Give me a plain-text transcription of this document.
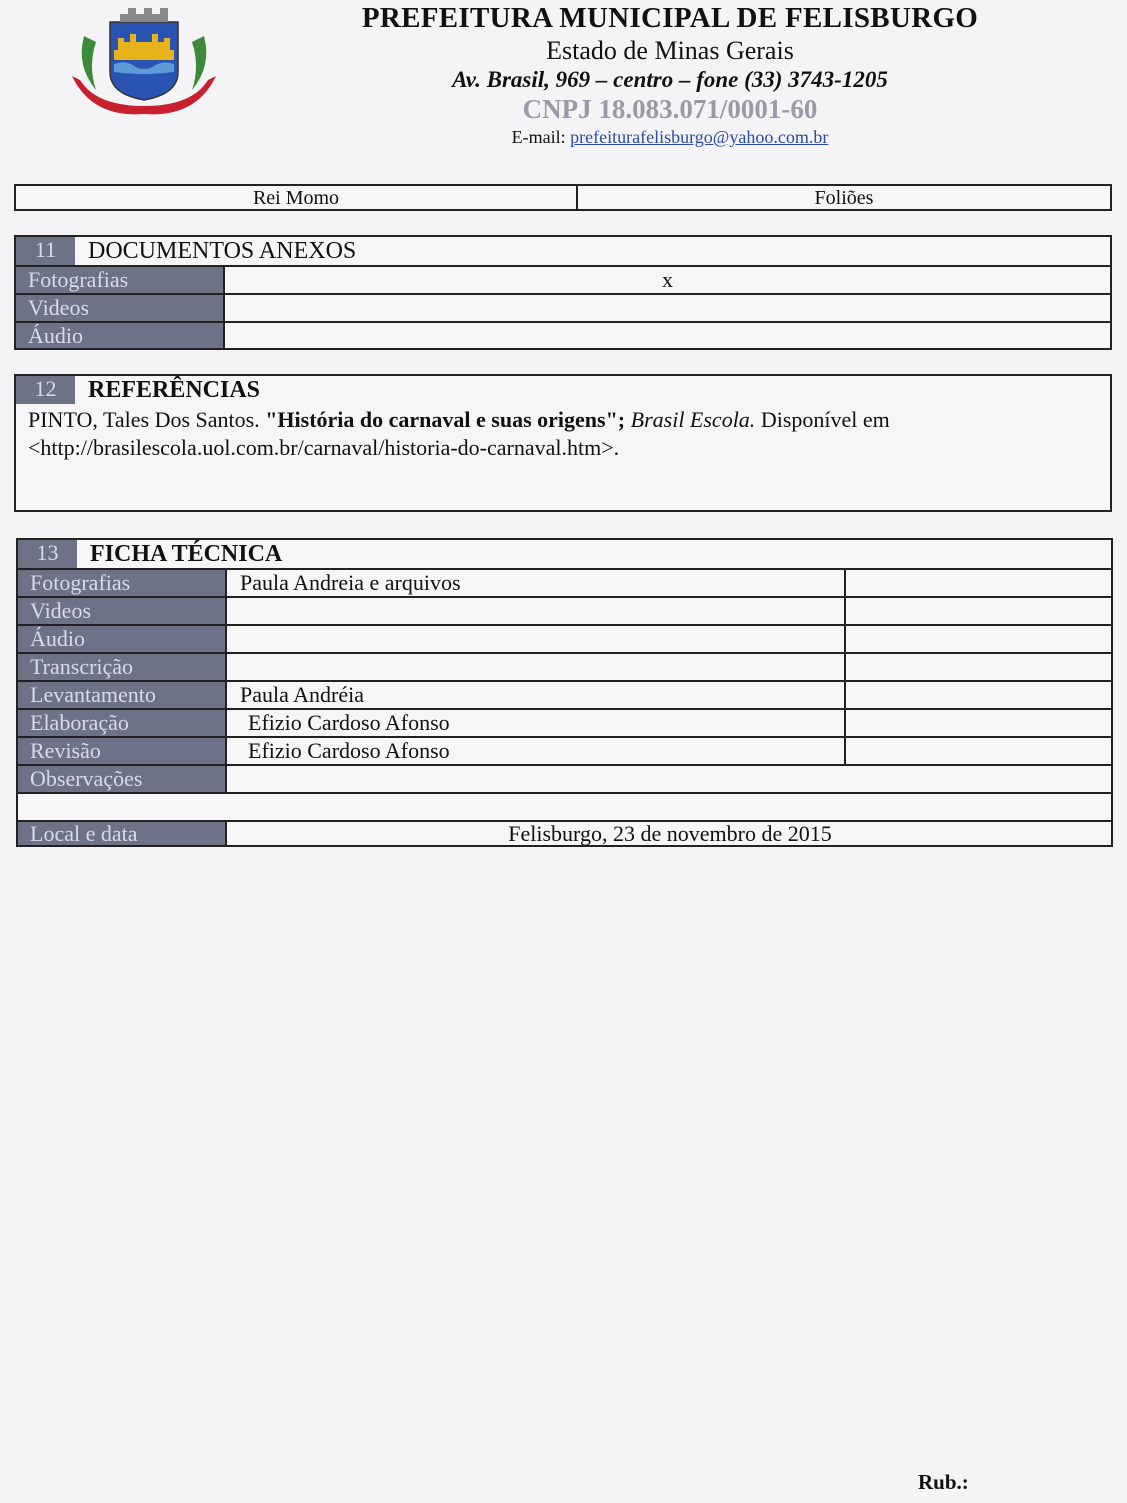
PREFEITURA MUNICIPAL DE FELISBURGO
Estado de Minas Gerais
Av. Brasil, 969 – centro – fone (33) 3743-1205
CNPJ 18.083.071/0001-60
E-mail: prefeiturafelisburgo@yahoo.com.br
Rei Momo	Foliões
11	DOCUMENTOS ANEXOS
Fotografias	x
Videos
Áudio
12	REFERÊNCIAS
PINTO, Tales Dos Santos. "História do carnaval e suas origens"; Brasil Escola. Disponível em <http://brasilescola.uol.com.br/carnaval/historia-do-carnaval.htm>.
13	FICHA TÉCNICA
Fotografias	Paula Andreia e arquivos
Videos
Áudio
Transcrição
Levantamento	Paula Andréia
Elaboração	Efizio Cardoso Afonso
Revisão	Efizio Cardoso Afonso
Observações
Local e data	Felisburgo, 23 de novembro de 2015
Rub.:
